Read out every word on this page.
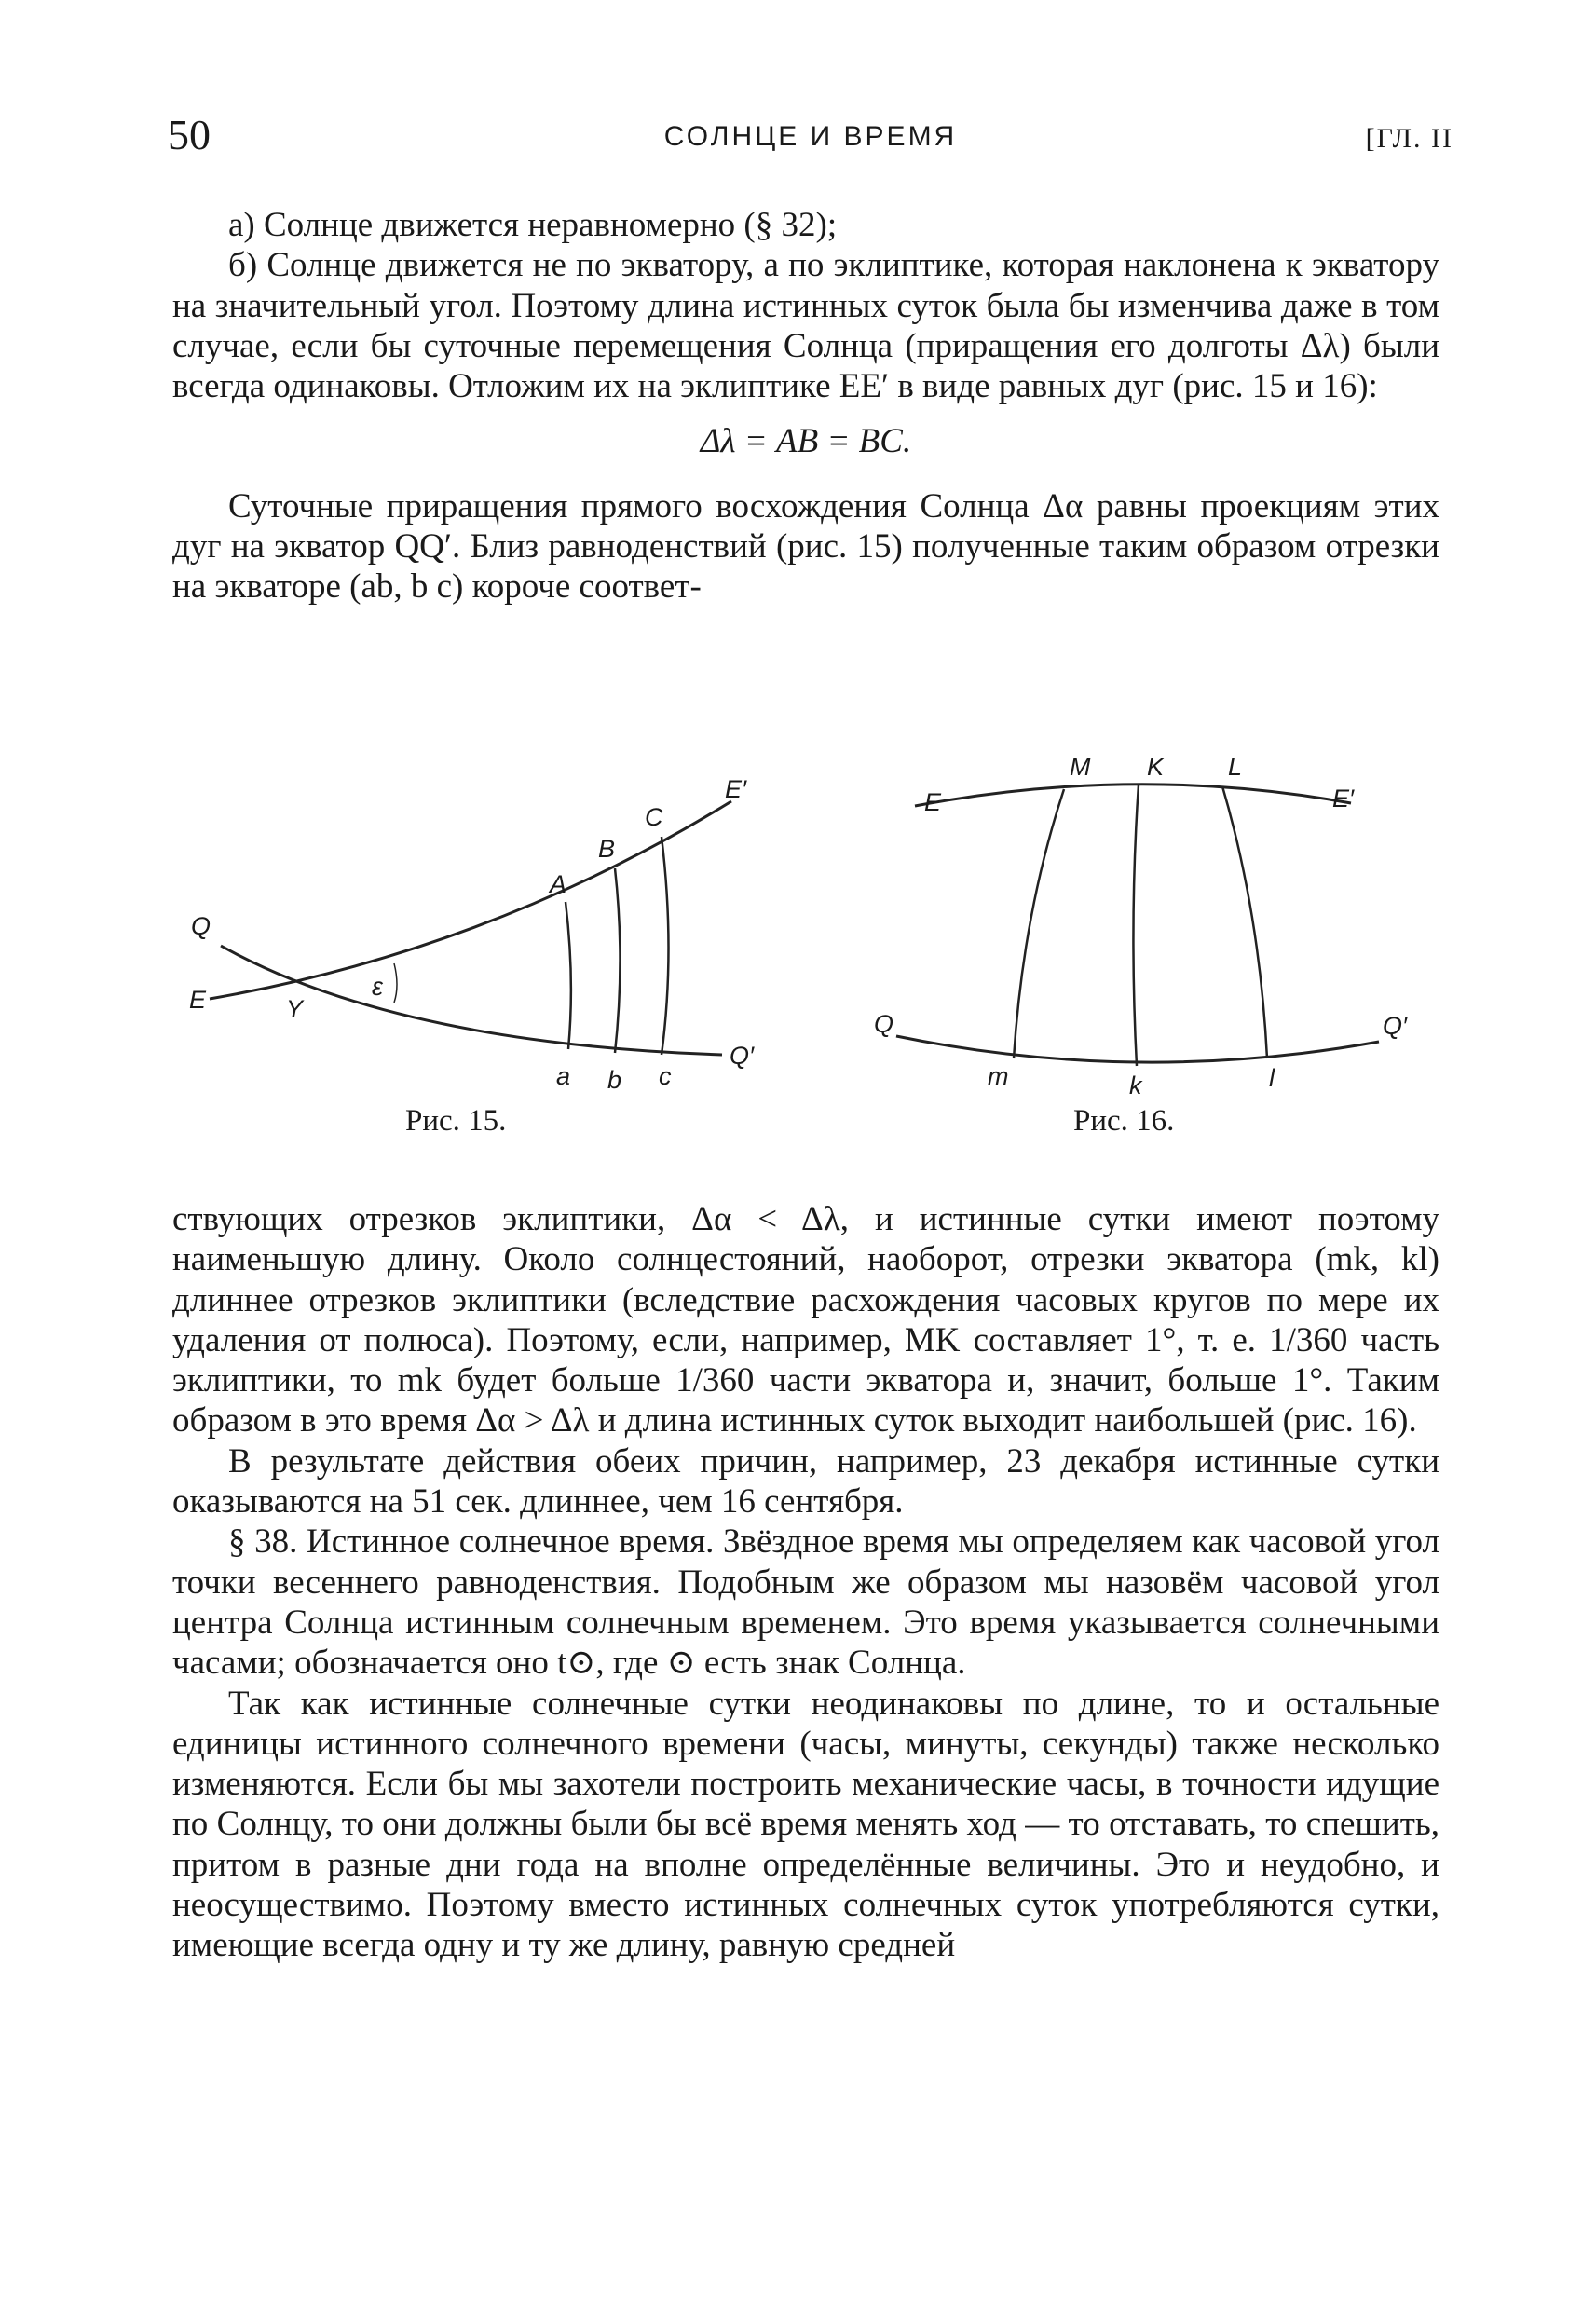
50	СОЛНЦЕ И ВРЕМЯ	[ГЛ. II

а) Солнце движется неравномерно (§ 32);

б) Солнце движется не по экватору, а по эклиптике, которая наклонена к экватору на значительный угол. Поэтому длина истинных суток была бы изменчива даже в том случае, если бы суточные перемещения Солнца (приращения его долготы Δλ) были всегда одинаковы. Отложим их на эклиптике EE′ в виде равных дуг (рис. 15 и 16):

Δλ = AB = BC.

Суточные приращения прямого восхождения Солнца Δα равны проекциям этих дуг на экватор QQ′. Близ равноденствий (рис. 15) полученные таким образом отрезки на экваторе (ab, b c) короче соответ-

Q
E	Υ
ε
A
B
C
E′
a b c
Q′
Рис. 15.
E
M K	L
E′
Q
m	k	l
Q′
Рис. 16.

ствующих отрезков эклиптики, Δα < Δλ, и истинные сутки имеют поэтому наименьшую длину. Около солнцестояний, наоборот, отрезки экватора (mk, kl) длиннее отрезков эклиптики (вследствие расхождения часовых кругов по мере их удаления от полюса). Поэтому, если, например, MK составляет 1°, т. е. 1/360 часть эклиптики, то mk будет больше 1/360 части экватора и, значит, больше 1°. Таким образом в это время Δα > Δλ и длина истинных суток выходит наибольшей (рис. 16).

В результате действия обеих причин, например, 23 декабря истинные сутки оказываются на 51 сек. длиннее, чем 16 сентября.

§ 38. Истинное солнечное время. Звёздное время мы определяем как часовой угол точки весеннего равноденствия. Подобным же образом мы назовём часовой угол центра Солнца истинным солнечным временем. Это время указывается солнечными часами; обозначается оно t⊙, где ⊙ есть знак Солнца.

Так как истинные солнечные сутки неодинаковы по длине, то и остальные единицы истинного солнечного времени (часы, минуты, секунды) также несколько изменяются. Если бы мы захотели построить механические часы, в точности идущие по Солнцу, то они должны были бы всё время менять ход — то отставать, то спешить, притом в разные дни года на вполне определённые величины. Это и неудобно, и неосуществимо. Поэтому вместо истинных солнечных суток употребляются сутки, имеющие всегда одну и ту же длину, равную средней
